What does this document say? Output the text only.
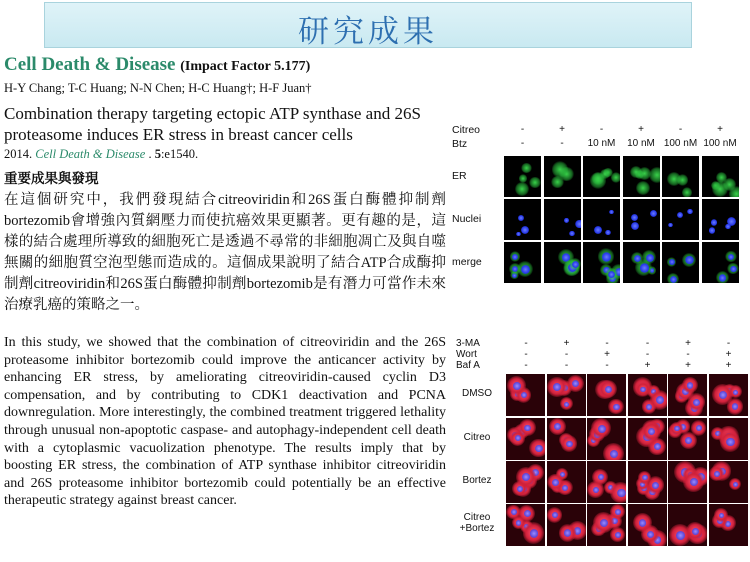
研究成果
Cell Death & Disease (Impact Factor 5.177)
H-Y Chang; T-C Huang; N-N Chen; H-C Huang†; H-F Juan†
Combination therapy targeting ectopic ATP synthase and 26S proteasome induces ER stress in breast cancer cells
2014. Cell Death & Disease . 5:e1540.
重要成果與發現
在這個研究中，我們發現結合citreoviridin和26S蛋白酶體抑制劑bortezomib會增強內質網壓力而使抗癌效果更顯著。更有趣的是，這樣的結合處理所導致的細胞死亡是透過不尋常的非細胞凋亡及與自噬無關的細胞質空泡型態而造成的。這個成果說明了結合ATP合成酶抑制劑citreoviridin和26S蛋白酶體抑制劑bortezomib是有潛力可當作未來治療乳癌的策略之一。
In this study, we showed that the combination of citreoviridin and the 26S proteasome inhibitor bortezomib could improve the anticancer activity by enhancing ER stress, by ameliorating citreoviridin-caused cyclin D3 compensation, and by contributing to CDK1 deactivation and PCNA downregulation. More interestingly, the combined treatment triggered lethality through unusual non-apoptotic caspase- and autophagy-independent cell death with a cytoplasmic vacuolization phenotype. The results imply that by boosting ER stress, the combination of ATP synthase inhibitor citreoviridin and 26S proteasome inhibitor bortezomib could potentially be an effective therapeutic strategy against breast cancer.
Citreo	-	+	-	+	-	+
Btz	-	-	10 nM	10 nM 100 nM 100 nM
ER
Nuclei
merge
3-MA	-	+	-	-	+	-
Wort	-	-	+	-	-	+
Baf A	-	-	-	+	+	+
DMSO
Citreo
Bortez
Citreo
+Bortez
